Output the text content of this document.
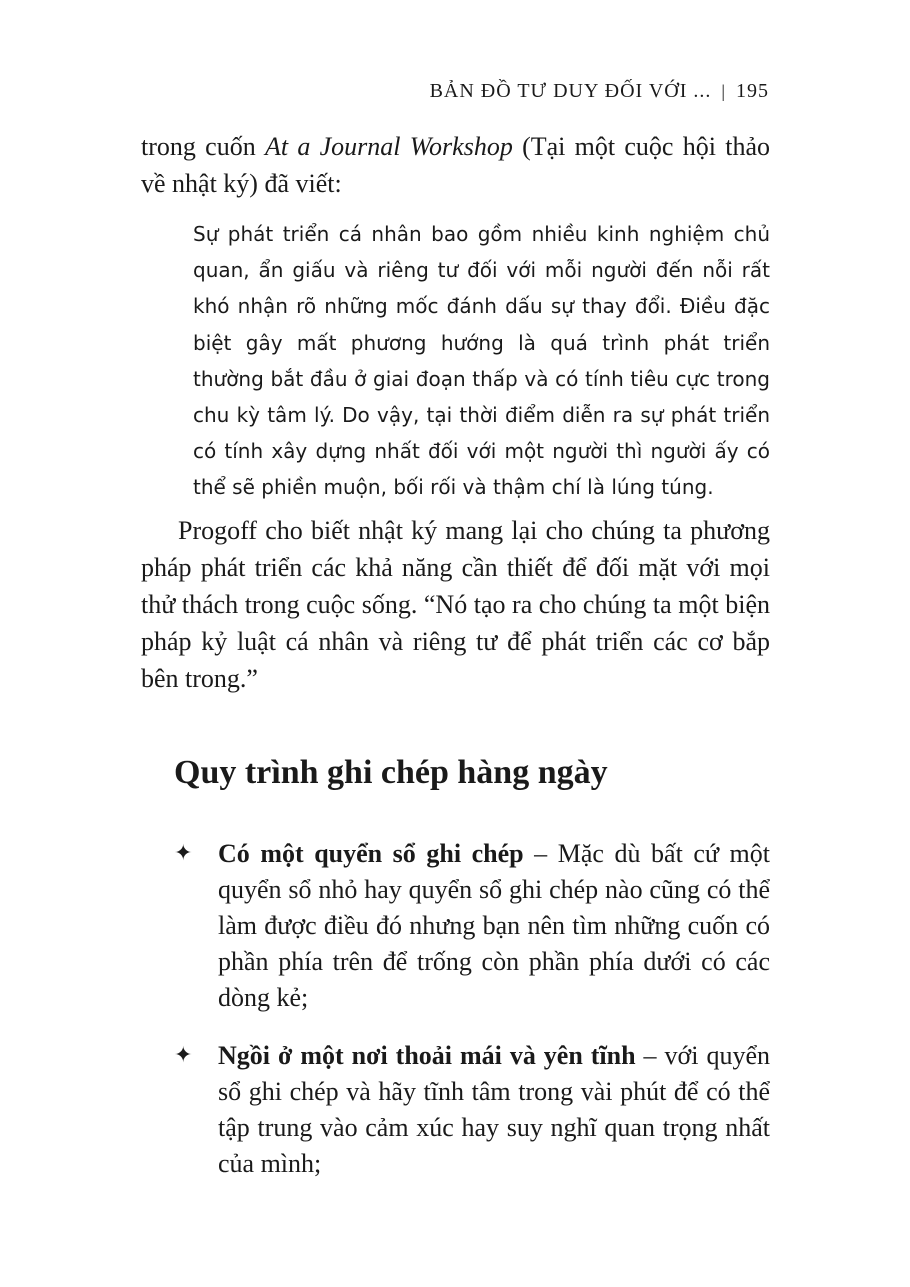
BẢN ĐỒ TƯ DUY ĐỐI VỚI ... | 195

trong cuốn At a Journal Workshop (Tại một cuộc hội thảo về nhật ký) đã viết:

Sự phát triển cá nhân bao gồm nhiều kinh nghiệm chủ quan, ẩn giấu và riêng tư đối với mỗi người đến nỗi rất khó nhận rõ những mốc đánh dấu sự thay đổi. Điều đặc biệt gây mất phương hướng là quá trình phát triển thường bắt đầu ở giai đoạn thấp và có tính tiêu cực trong chu kỳ tâm lý. Do vậy, tại thời điểm diễn ra sự phát triển có tính xây dựng nhất đối với một người thì người ấy có thể sẽ phiền muộn, bối rối và thậm chí là lúng túng.

Progoff cho biết nhật ký mang lại cho chúng ta phương pháp phát triển các khả năng cần thiết để đối mặt với mọi thử thách trong cuộc sống. “Nó tạo ra cho chúng ta một biện pháp kỷ luật cá nhân và riêng tư để phát triển các cơ bắp bên trong.”

Quy trình ghi chép hàng ngày
✦ Có một quyển sổ ghi chép – Mặc dù bất cứ một quyển sổ nhỏ hay quyển sổ ghi chép nào cũng có thể làm được điều đó nhưng bạn nên tìm những cuốn có phần phía trên để trống còn phần phía dưới có các dòng kẻ;
✦ Ngồi ở một nơi thoải mái và yên tĩnh – với quyển sổ ghi chép và hãy tĩnh tâm trong vài phút để có thể tập trung vào cảm xúc hay suy nghĩ quan trọng nhất của mình;
